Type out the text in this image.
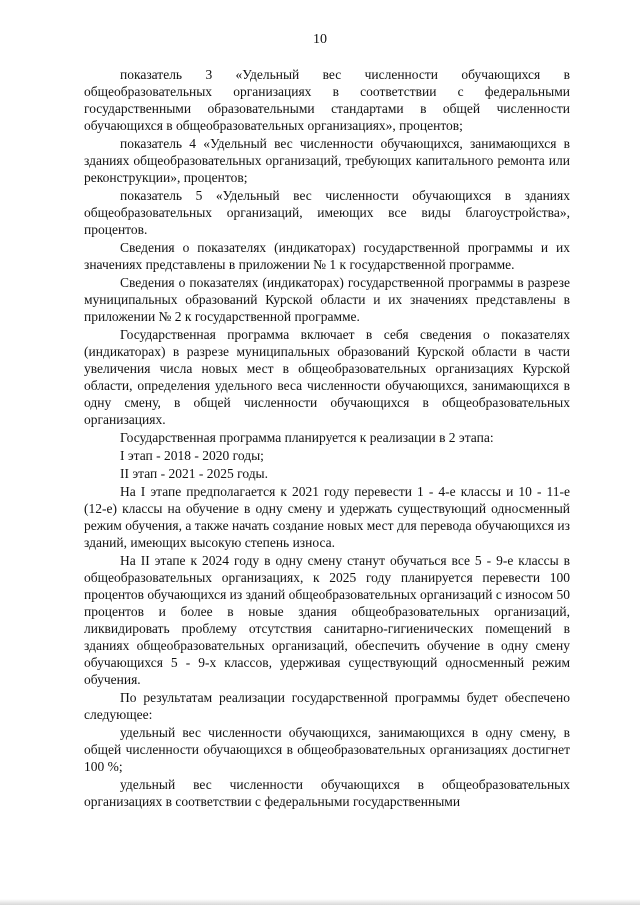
10

показатель 3 «Удельный вес численности обучающихся в общеобразовательных организациях в соответствии с федеральными государственными образовательными стандартами в общей численности обучающихся в общеобразовательных организациях», процентов;

показатель 4 «Удельный вес численности обучающихся, занимающихся в зданиях общеобразовательных организаций, требующих капитального ремонта или реконструкции», процентов;

показатель 5 «Удельный вес численности обучающихся в зданиях общеобразовательных организаций, имеющих все виды благоустройства», процентов.

Сведения о показателях (индикаторах) государственной программы и их значениях представлены в приложении № 1 к государственной программе.

Сведения о показателях (индикаторах) государственной программы в разрезе муниципальных образований Курской области и их значениях представлены в приложении № 2 к государственной программе.

Государственная программа включает в себя сведения о показателях (индикаторах) в разрезе муниципальных образований Курской области в части увеличения числа новых мест в общеобразовательных организациях Курской области, определения удельного веса численности обучающихся, занимающихся в одну смену, в общей численности обучающихся в общеобразовательных организациях.

Государственная программа планируется к реализации в 2 этапа:

I этап - 2018 - 2020 годы;

II этап - 2021 - 2025 годы.

На I этапе предполагается к 2021 году перевести 1 - 4-е классы и 10 - 11-е (12-е) классы на обучение в одну смену и удержать существующий односменный режим обучения, а также начать создание новых мест для перевода обучающихся из зданий, имеющих высокую степень износа.

На II этапе к 2024 году в одну смену станут обучаться все 5 - 9-е классы в общеобразовательных организациях, к 2025 году планируется перевести 100 процентов обучающихся из зданий общеобразовательных организаций с износом 50 процентов и более в новые здания общеобразовательных организаций, ликвидировать проблему отсутствия санитарно-гигиенических помещений в зданиях общеобразовательных организаций, обеспечить обучение в одну смену обучающихся 5 - 9-х классов, удерживая существующий односменный режим обучения.

По результатам реализации государственной программы будет обеспечено следующее:

удельный вес численности обучающихся, занимающихся в одну смену, в общей численности обучающихся в общеобразовательных организациях достигнет 100 %;

удельный вес численности обучающихся в общеобразовательных организациях в соответствии с федеральными государственными
